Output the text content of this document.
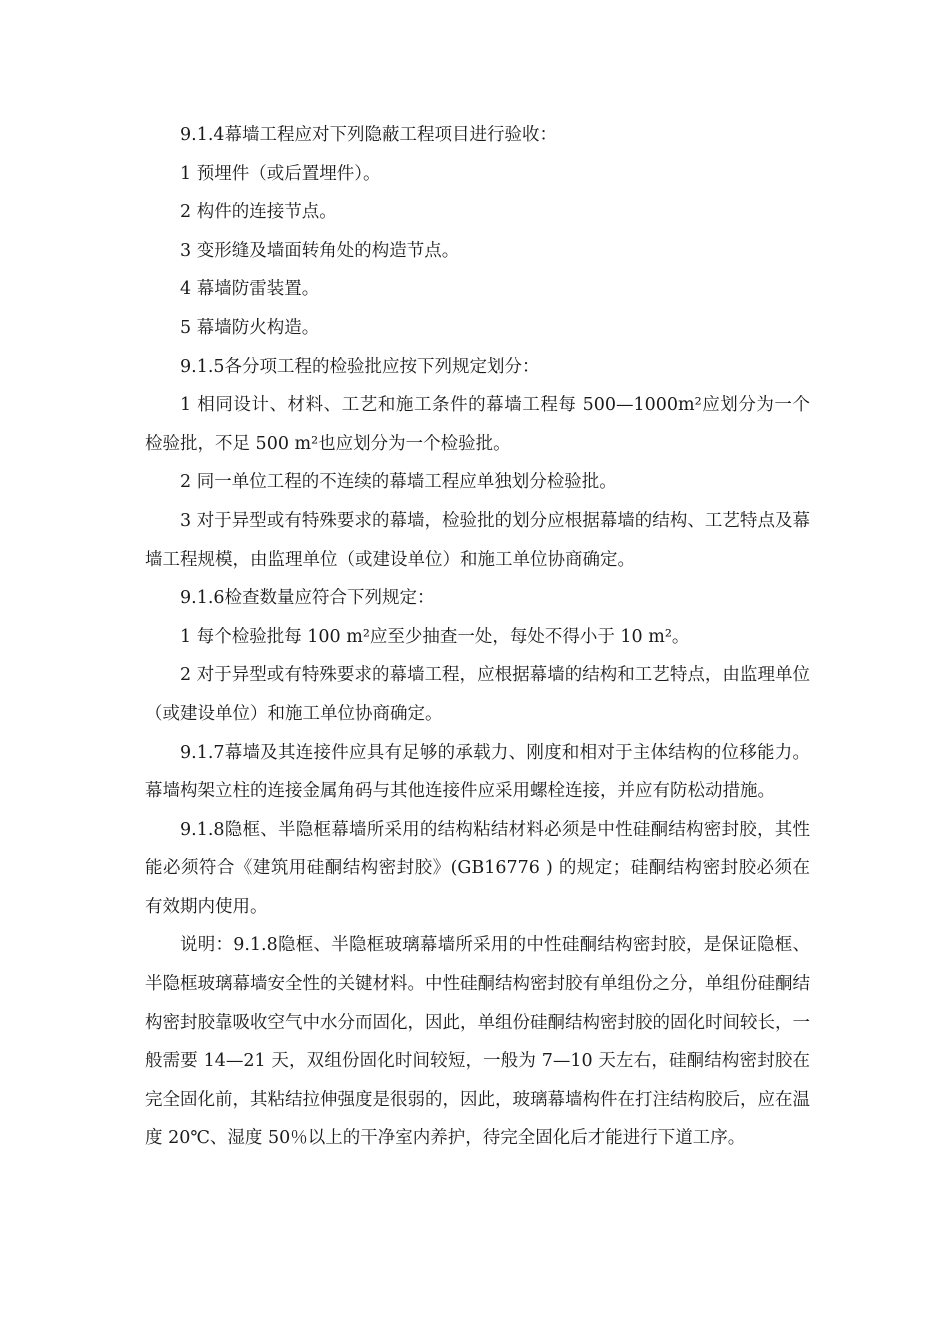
9.1.4幕墙工程应对下列隐蔽工程项目进行验收：

1 预埋件（或后置埋件）。

2 构件的连接节点。

3 变形缝及墙面转角处的构造节点。

4 幕墙防雷装置。

5 幕墙防火构造。

9.1.5各分项工程的检验批应按下列规定划分：

1 相同设计、材料、工艺和施工条件的幕墙工程每 500—1000m²应划分为一个检验批，不足 500 m²也应划分为一个检验批。

2 同一单位工程的不连续的幕墙工程应单独划分检验批。

3 对于异型或有特殊要求的幕墙，检验批的划分应根据幕墙的结构、工艺特点及幕墙工程规模，由监理单位（或建设单位）和施工单位协商确定。

9.1.6检查数量应符合下列规定：

1 每个检验批每 100 m²应至少抽查一处，每处不得小于 10 m²。

2 对于异型或有特殊要求的幕墙工程，应根据幕墙的结构和工艺特点，由监理单位（或建设单位）和施工单位协商确定。

9.1.7幕墙及其连接件应具有足够的承载力、刚度和相对于主体结构的位移能力。幕墙构架立柱的连接金属角码与其他连接件应采用螺栓连接，并应有防松动措施。

9.1.8隐框、半隐框幕墙所采用的结构粘结材料必须是中性硅酮结构密封胶，其性能必须符合《建筑用硅酮结构密封胶》(GB16776 ) 的规定；硅酮结构密封胶必须在有效期内使用。

说明：9.1.8隐框、半隐框玻璃幕墙所采用的中性硅酮结构密封胶，是保证隐框、半隐框玻璃幕墙安全性的关键材料。中性硅酮结构密封胶有单组份之分，单组份硅酮结构密封胶靠吸收空气中水分而固化，因此，单组份硅酮结构密封胶的固化时间较长，一般需要 14—21 天，双组份固化时间较短，一般为 7—10 天左右，硅酮结构密封胶在完全固化前，其粘结拉伸强度是很弱的，因此，玻璃幕墙构件在打注结构胶后，应在温度 20℃、湿度 50％以上的干净室内养护，待完全固化后才能进行下道工序。
